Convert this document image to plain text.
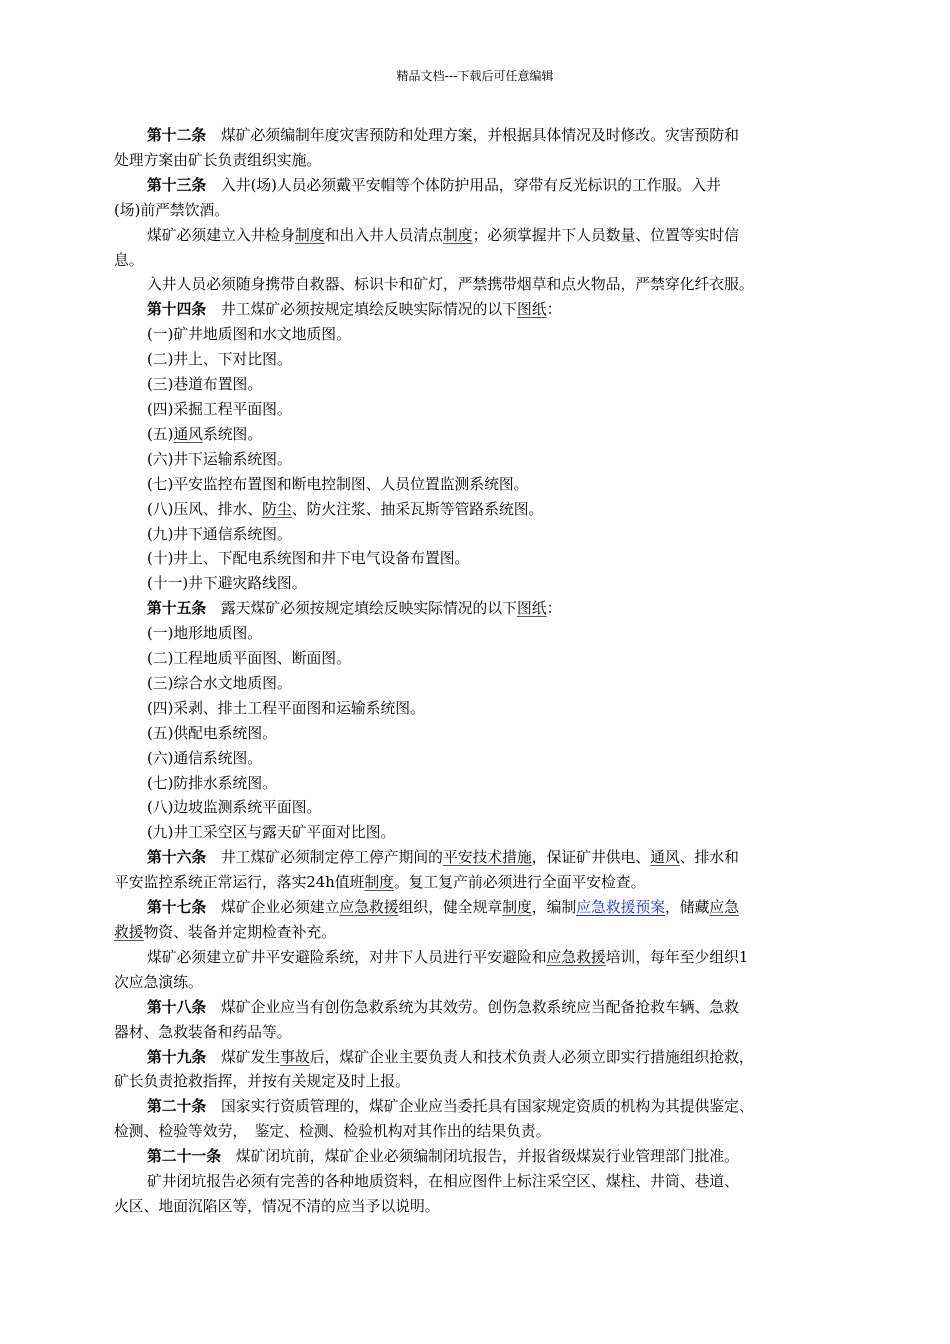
精品文档---下载后可任意编辑

第十二条　煤矿必须编制年度灾害预防和处理方案，并根据具体情况及时修改。灾害预防和

处理方案由矿长负责组织实施。

第十三条　入井(场)人员必须戴平安帽等个体防护用品，穿带有反光标识的工作服。入井

(场)前严禁饮酒。

煤矿必须建立入井检身制度和出入井人员清点制度；必须掌握井下人员数量、位置等实时信

息。

入井人员必须随身携带自救器、标识卡和矿灯，严禁携带烟草和点火物品，严禁穿化纤衣服。

第十四条　井工煤矿必须按规定填绘反映实际情况的以下图纸：

(一)矿井地质图和水文地质图。

(二)井上、下对比图。

(三)巷道布置图。

(四)采掘工程平面图。

(五)通风系统图。

(六)井下运输系统图。

(七)平安监控布置图和断电控制图、人员位置监测系统图。

(八)压风、排水、防尘、防火注浆、抽采瓦斯等管路系统图。

(九)井下通信系统图。

(十)井上、下配电系统图和井下电气设备布置图。

(十一)井下避灾路线图。

第十五条　露天煤矿必须按规定填绘反映实际情况的以下图纸：

(一)地形地质图。

(二)工程地质平面图、断面图。

(三)综合水文地质图。

(四)采剥、排土工程平面图和运输系统图。

(五)供配电系统图。

(六)通信系统图。

(七)防排水系统图。

(八)边坡监测系统平面图。

(九)井工采空区与露天矿平面对比图。

第十六条　井工煤矿必须制定停工停产期间的平安技术措施，保证矿井供电、通风、排水和

平安监控系统正常运行，落实24h值班制度。复工复产前必须进行全面平安检查。

第十七条　煤矿企业必须建立应急救援组织，健全规章制度，编制应急救援预案，储藏应急

救援物资、装备并定期检查补充。

煤矿必须建立矿井平安避险系统，对井下人员进行平安避险和应急救援培训，每年至少组织1

次应急演练。

第十八条　煤矿企业应当有创伤急救系统为其效劳。创伤急救系统应当配备抢救车辆、急救

器材、急救装备和药品等。

第十九条　煤矿发生事故后，煤矿企业主要负责人和技术负责人必须立即实行措施组织抢救，

矿长负责抢救指挥，并按有关规定及时上报。

第二十条　国家实行资质管理的，煤矿企业应当委托具有国家规定资质的机构为其提供鉴定、

检测、检验等效劳，　鉴定、检测、检验机构对其作出的结果负责。

第二十一条　煤矿闭坑前，煤矿企业必须编制闭坑报告，并报省级煤炭行业管理部门批准。

矿井闭坑报告必须有完善的各种地质资料，在相应图件上标注采空区、煤柱、井筒、巷道、

火区、地面沉陷区等，情况不清的应当予以说明。
